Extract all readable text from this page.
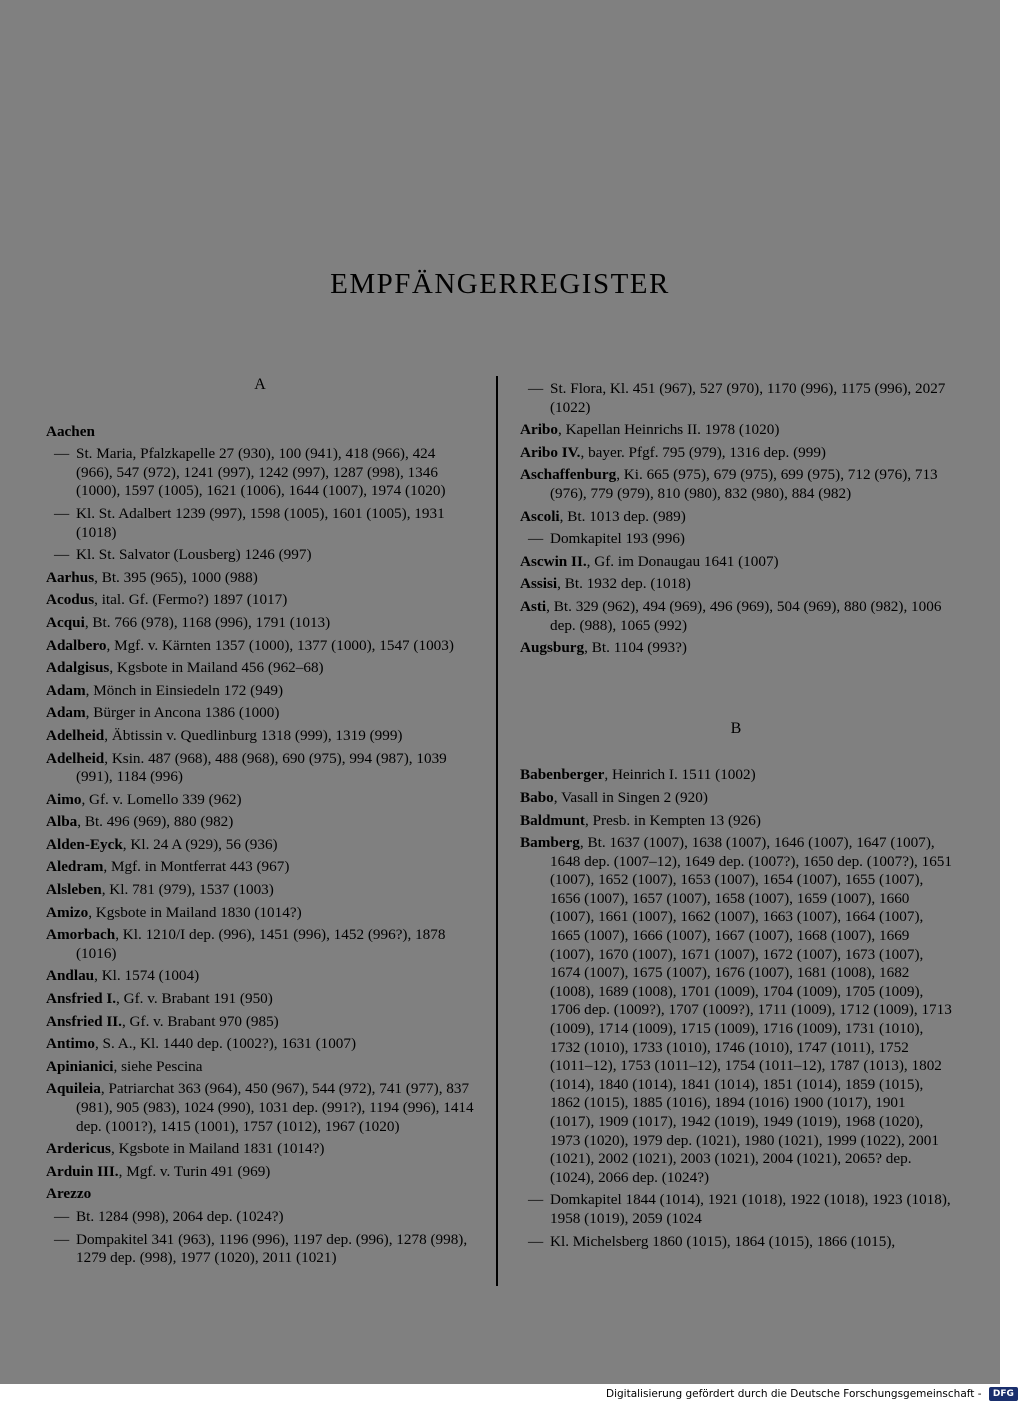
EMPFÄNGERREGISTER
A
Aachen
— St. Maria, Pfalzkapelle 27 (930), 100 (941), 418 (966), 424 (966), 547 (972), 1241 (997), 1242 (997), 1287 (998), 1346 (1000), 1597 (1005), 1621 (1006), 1644 (1007), 1974 (1020)
— Kl. St. Adalbert 1239 (997), 1598 (1005), 1601 (1005), 1931 (1018)
— Kl. St. Salvator (Lousberg) 1246 (997)
Aarhus, Bt. 395 (965), 1000 (988)
Acodus, ital. Gf. (Fermo?) 1897 (1017)
Acqui, Bt. 766 (978), 1168 (996), 1791 (1013)
Adalbero, Mgf. v. Kärnten 1357 (1000), 1377 (1000), 1547 (1003)
Adalgisus, Kgsbote in Mailand 456 (962–68)
Adam, Mönch in Einsiedeln 172 (949)
Adam, Bürger in Ancona 1386 (1000)
Adelheid, Äbtissin v. Quedlinburg 1318 (999), 1319 (999)
Adelheid, Ksin. 487 (968), 488 (968), 690 (975), 994 (987), 1039 (991), 1184 (996)
Aimo, Gf. v. Lomello 339 (962)
Alba, Bt. 496 (969), 880 (982)
Alden-Eyck, Kl. 24 A (929), 56 (936)
Aledram, Mgf. in Montferrat 443 (967)
Alsleben, Kl. 781 (979), 1537 (1003)
Amizo, Kgsbote in Mailand 1830 (1014?)
Amorbach, Kl. 1210/I dep. (996), 1451 (996), 1452 (996?), 1878 (1016)
Andlau, Kl. 1574 (1004)
Ansfried I., Gf. v. Brabant 191 (950)
Ansfried II., Gf. v. Brabant 970 (985)
Antimo, S. A., Kl. 1440 dep. (1002?), 1631 (1007)
Apinianici, siehe Pescina
Aquileia, Patriarchat 363 (964), 450 (967), 544 (972), 741 (977), 837 (981), 905 (983), 1024 (990), 1031 dep. (991?), 1194 (996), 1414 dep. (1001?), 1415 (1001), 1757 (1012), 1967 (1020)
Ardericus, Kgsbote in Mailand 1831 (1014?)
Arduin III., Mgf. v. Turin 491 (969)
Arezzo
— Bt. 1284 (998), 2064 dep. (1024?)
— Dompakitel 341 (963), 1196 (996), 1197 dep. (996), 1278 (998), 1279 dep. (998), 1977 (1020), 2011 (1021)
— St. Flora, Kl. 451 (967), 527 (970), 1170 (996), 1175 (996), 2027 (1022)
Aribo, Kapellan Heinrichs II. 1978 (1020)
Aribo IV., bayer. Pfgf. 795 (979), 1316 dep. (999)
Aschaffenburg, Ki. 665 (975), 679 (975), 699 (975), 712 (976), 713 (976), 779 (979), 810 (980), 832 (980), 884 (982)
Ascoli, Bt. 1013 dep. (989)
— Domkapitel 193 (996)
Ascwin II., Gf. im Donaugau 1641 (1007)
Assisi, Bt. 1932 dep. (1018)
Asti, Bt. 329 (962), 494 (969), 496 (969), 504 (969), 880 (982), 1006 dep. (988), 1065 (992)
Augsburg, Bt. 1104 (993?)
B
Babenberger, Heinrich I. 1511 (1002)
Babo, Vasall in Singen 2 (920)
Baldmunt, Presb. in Kempten 13 (926)
Bamberg, Bt. 1637 (1007), 1638 (1007), 1646 (1007), 1647 (1007), 1648 dep. (1007–12), 1649 dep. (1007?), 1650 dep. (1007?), 1651 (1007), 1652 (1007), 1653 (1007), 1654 (1007), 1655 (1007), 1656 (1007), 1657 (1007), 1658 (1007), 1659 (1007), 1660 (1007), 1661 (1007), 1662 (1007), 1663 (1007), 1664 (1007), 1665 (1007), 1666 (1007), 1667 (1007), 1668 (1007), 1669 (1007), 1670 (1007), 1671 (1007), 1672 (1007), 1673 (1007), 1674 (1007), 1675 (1007), 1676 (1007), 1681 (1008), 1682 (1008), 1689 (1008), 1701 (1009), 1704 (1009), 1705 (1009), 1706 dep. (1009?), 1707 (1009?), 1711 (1009), 1712 (1009), 1713 (1009), 1714 (1009), 1715 (1009), 1716 (1009), 1731 (1010), 1732 (1010), 1733 (1010), 1746 (1010), 1747 (1011), 1752 (1011–12), 1753 (1011–12), 1754 (1011–12), 1787 (1013), 1802 (1014), 1840 (1014), 1841 (1014), 1851 (1014), 1859 (1015), 1862 (1015), 1885 (1016), 1894 (1016) 1900 (1017), 1901 (1017), 1909 (1017), 1942 (1019), 1949 (1019), 1968 (1020), 1973 (1020), 1979 dep. (1021), 1980 (1021), 1999 (1022), 2001 (1021), 2002 (1021), 2003 (1021), 2004 (1021), 2065? dep. (1024), 2066 dep. (1024?)
— Domkapitel 1844 (1014), 1921 (1018), 1922 (1018), 1923 (1018), 1958 (1019), 2059 (1024
— Kl. Michelsberg 1860 (1015), 1864 (1015), 1866 (1015),
Digitalisierung gefördert durch die Deutsche Forschungsgemeinschaft - DFG
